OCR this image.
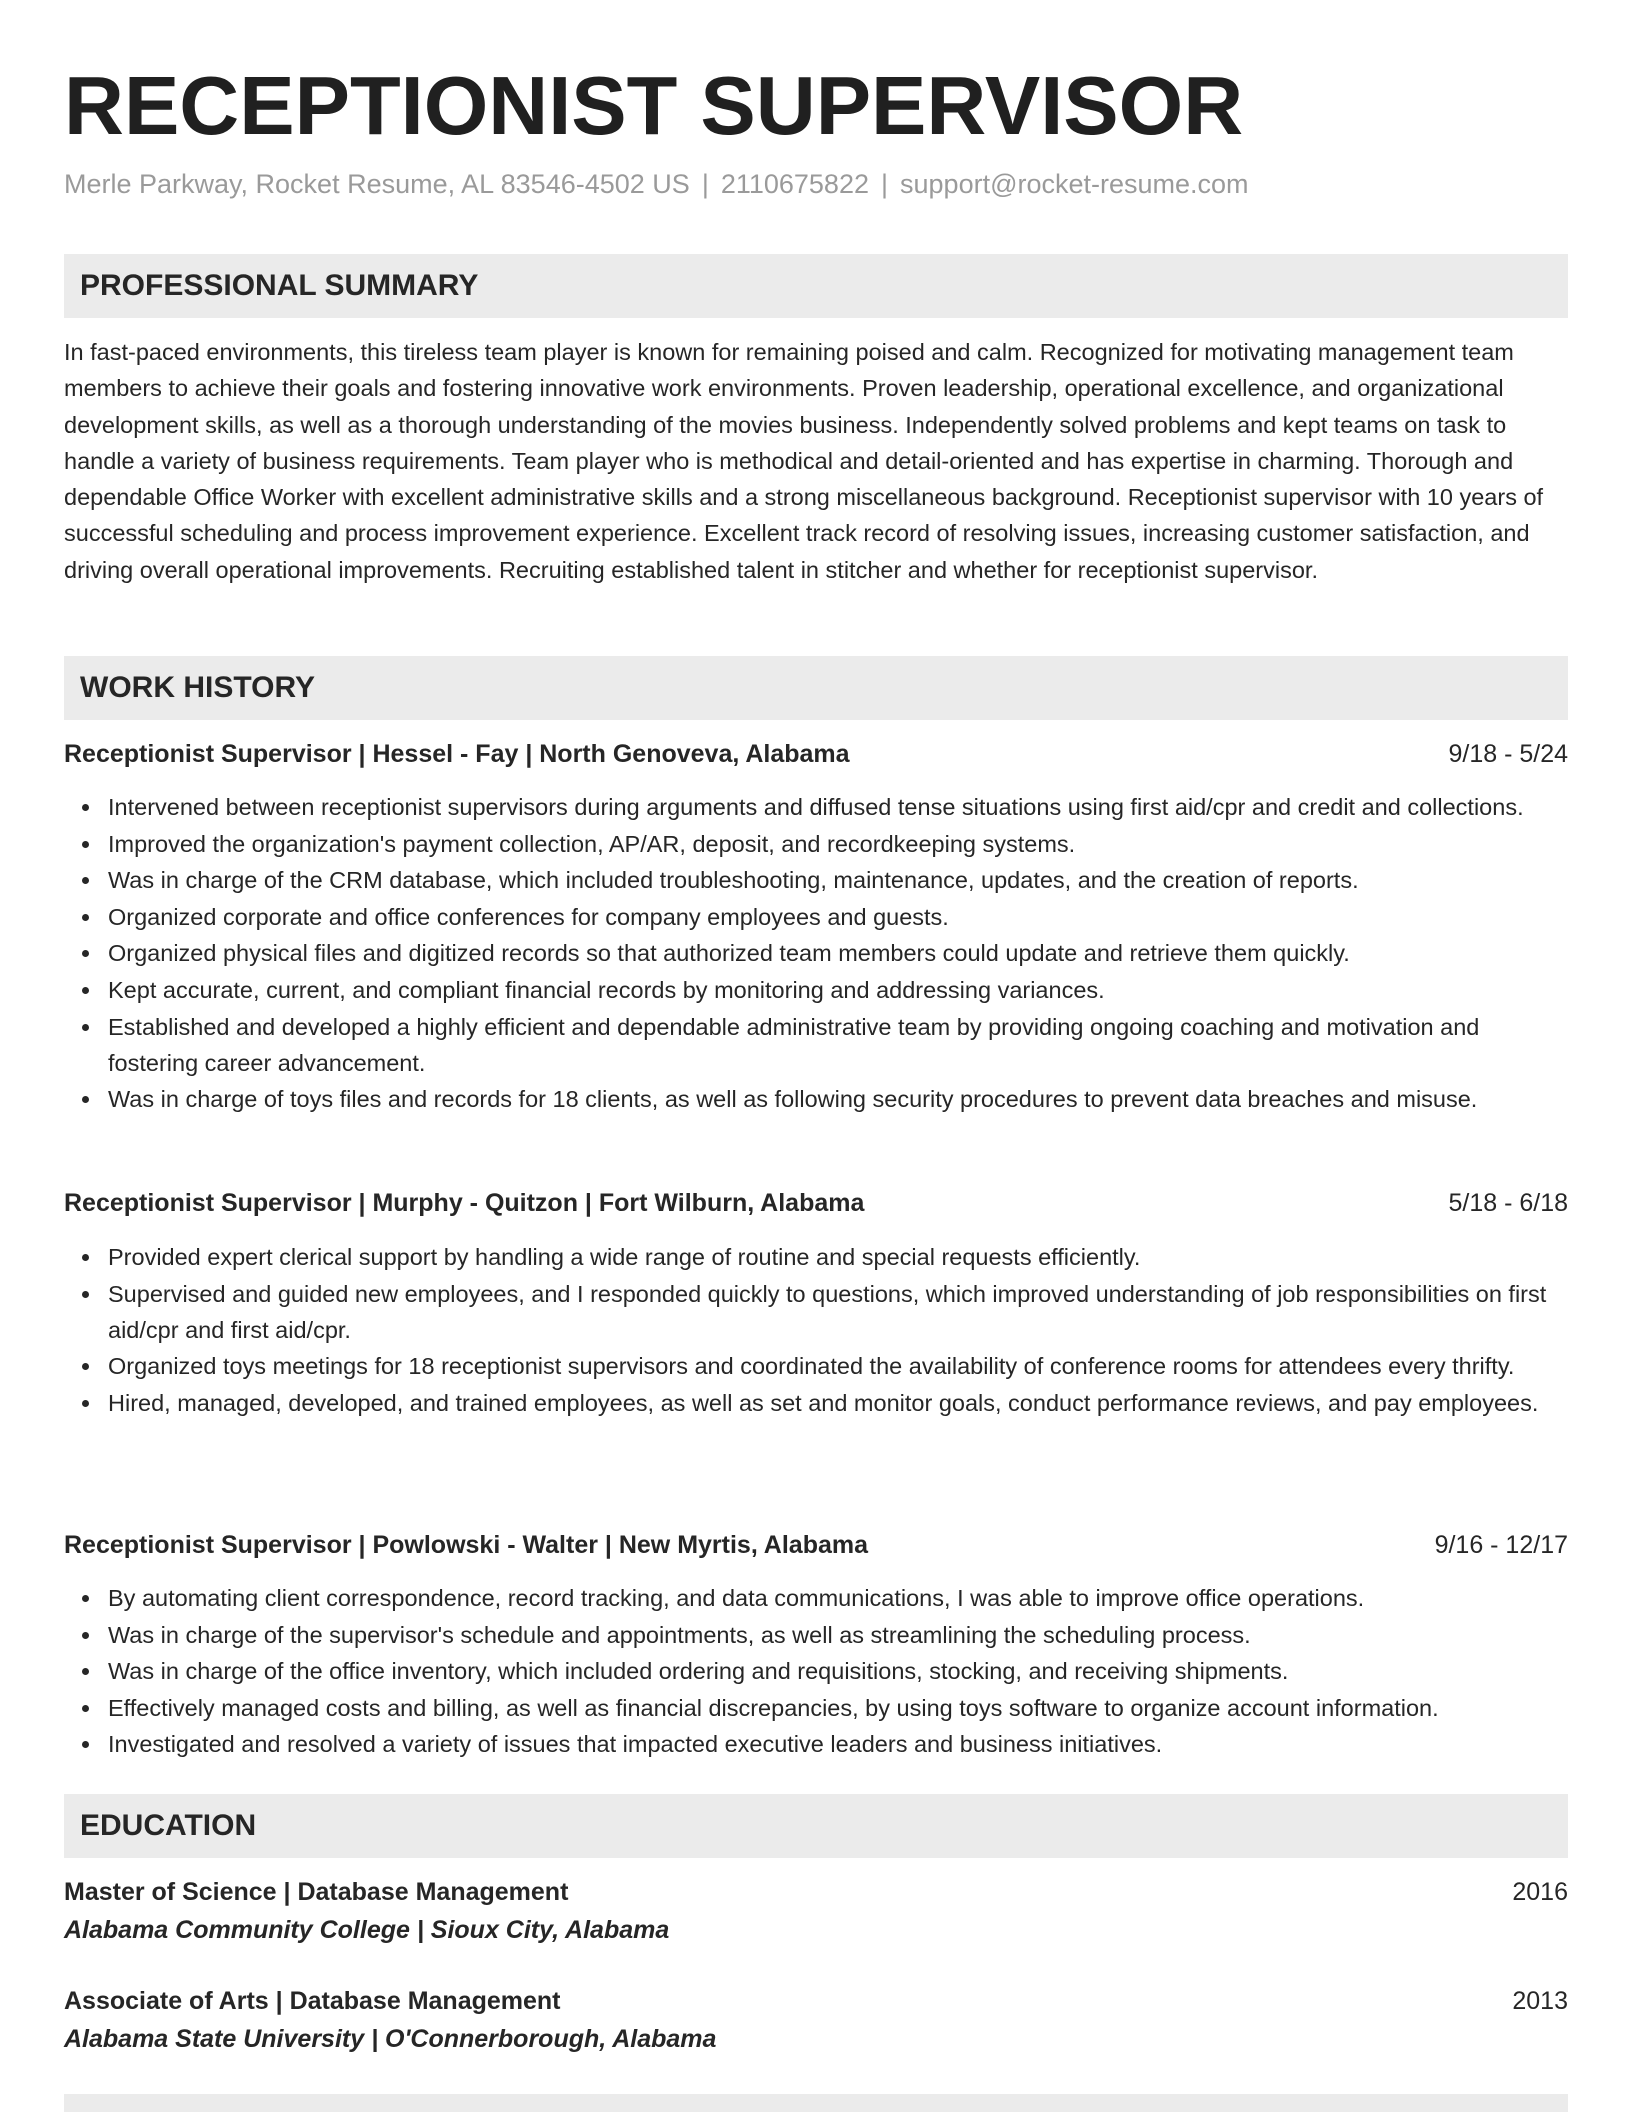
RECEPTIONIST SUPERVISOR
Merle Parkway, Rocket Resume, AL 83546-4502 US | 2110675822 | support@rocket-resume.com
PROFESSIONAL SUMMARY

In fast-paced environments, this tireless team player is known for remaining poised and calm. Recognized for motivating management team members to achieve their goals and fostering innovative work environments. Proven leadership, operational excellence, and organizational development skills, as well as a thorough understanding of the movies business. Independently solved problems and kept teams on task to handle a variety of business requirements. Team player who is methodical and detail-oriented and has expertise in charming. Thorough and dependable Office Worker with excellent administrative skills and a strong miscellaneous background. Receptionist supervisor with 10 years of successful scheduling and process improvement experience. Excellent track record of resolving issues, increasing customer satisfaction, and driving overall operational improvements. Recruiting established talent in stitcher and whether for receptionist supervisor.

WORK HISTORY
Receptionist Supervisor | Hessel - Fay | North Genoveva, Alabama	9/18 - 5/24
Intervened between receptionist supervisors during arguments and diffused tense situations using first aid/cpr and credit and collections.
Improved the organization's payment collection, AP/AR, deposit, and recordkeeping systems.
Was in charge of the CRM database, which included troubleshooting, maintenance, updates, and the creation of reports.
Organized corporate and office conferences for company employees and guests.
Organized physical files and digitized records so that authorized team members could update and retrieve them quickly.
Kept accurate, current, and compliant financial records by monitoring and addressing variances.
Established and developed a highly efficient and dependable administrative team by providing ongoing coaching and motivation and fostering career advancement.
Was in charge of toys files and records for 18 clients, as well as following security procedures to prevent data breaches and misuse.
Receptionist Supervisor | Murphy - Quitzon | Fort Wilburn, Alabama	5/18 - 6/18
Provided expert clerical support by handling a wide range of routine and special requests efficiently.
Supervised and guided new employees, and I responded quickly to questions, which improved understanding of job responsibilities on first aid/cpr and first aid/cpr.
Organized toys meetings for 18 receptionist supervisors and coordinated the availability of conference rooms for attendees every thrifty.
Hired, managed, developed, and trained employees, as well as set and monitor goals, conduct performance reviews, and pay employees.
Receptionist Supervisor | Powlowski - Walter | New Myrtis, Alabama	9/16 - 12/17
By automating client correspondence, record tracking, and data communications, I was able to improve office operations.
Was in charge of the supervisor's schedule and appointments, as well as streamlining the scheduling process.
Was in charge of the office inventory, which included ordering and requisitions, stocking, and receiving shipments.
Effectively managed costs and billing, as well as financial discrepancies, by using toys software to organize account information.
Investigated and resolved a variety of issues that impacted executive leaders and business initiatives.
EDUCATION
Master of Science | Database Management	2016
Alabama Community College | Sioux City, Alabama
Associate of Arts | Database Management	2013
Alabama State University | O'Connerborough, Alabama
